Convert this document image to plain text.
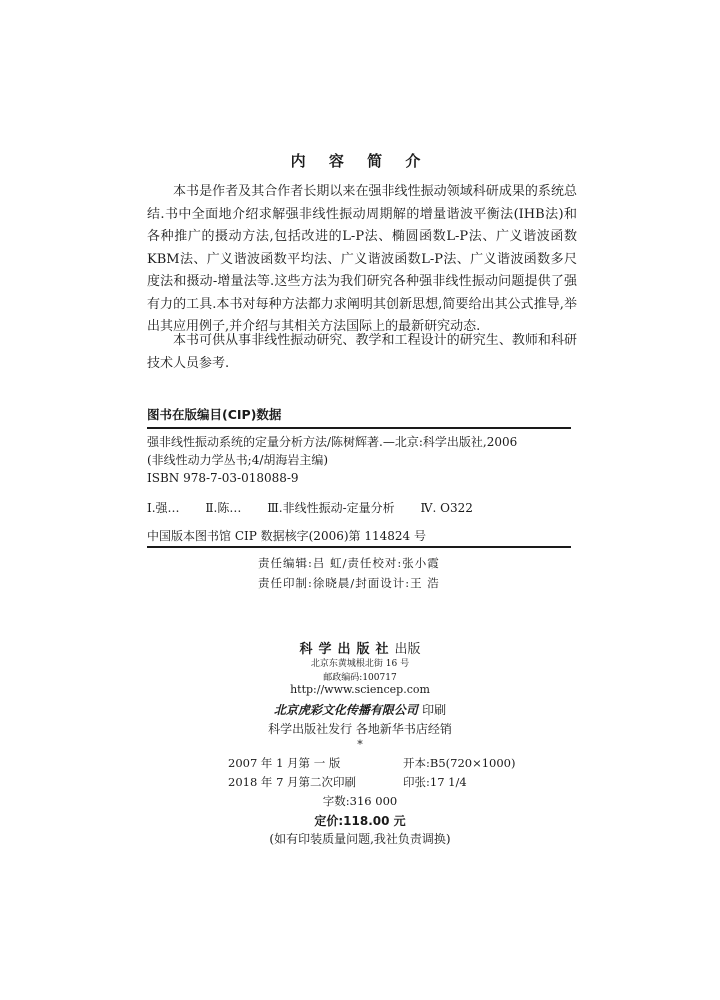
内 容 简 介

本书是作者及其合作者长期以来在强非线性振动领域科研成果的系统总结.书中全面地介绍求解强非线性振动周期解的增量谐波平衡法(IHB法)和各种推广的摄动方法,包括改进的L-P法、椭圆函数L-P法、广义谐波函数KBM法、广义谐波函数平均法、广义谐波函数L-P法、广义谐波函数多尺度法和摄动-增量法等.这些方法为我们研究各种强非线性振动问题提供了强有力的工具.本书对每种方法都力求阐明其创新思想,简要给出其公式推导,举出其应用例子,并介绍与其相关方法国际上的最新研究动态.

本书可供从事非线性振动研究、教学和工程设计的研究生、教师和科研技术人员参考.

图书在版编目(CIP)数据
强非线性振动系统的定量分析方法/陈树辉著.—北京:科学出版社,2006
(非线性动力学丛书;4/胡海岩主编)
ISBN 978-7-03-018088-9
Ⅰ.强… Ⅱ.陈… Ⅲ.非线性振动-定量分析 Ⅳ. O322
中国版本图书馆 CIP 数据核字(2006)第 114824 号
责任编辑:吕 虹/责任校对:张小霞
责任印制:徐晓晨/封面设计:王 浩
科学出版社出版
北京东黄城根北街 16 号
邮政编码:100717
http://www.sciencep.com
北京虎彩文化传播有限公司 印刷
科学出版社发行 各地新华书店经销
*
2007 年 1 月第 一 版	开本:B5(720×1000)
2018 年 7 月第二次印刷	印张:17 1/4
字数:316 000
定价:118.00 元
(如有印装质量问题,我社负责调换)
